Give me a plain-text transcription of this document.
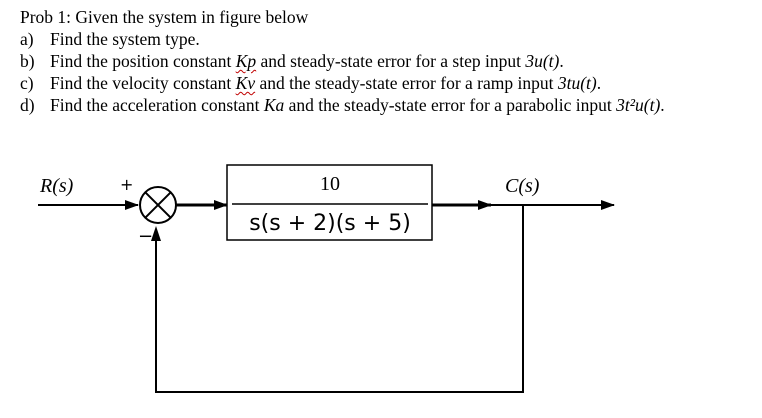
Prob 1: Given the system in figure below
a) Find the system type.
b) Find the position constant Kp and steady-state error for a step input 3u(t).
c) Find the velocity constant Kv and the steady-state error for a ramp input 3tu(t).
d) Find the acceleration constant Ka and the steady-state error for a parabolic input 3t²u(t).
R(s)	+
−
10
s(s + 2)(s + 5)
C(s)
